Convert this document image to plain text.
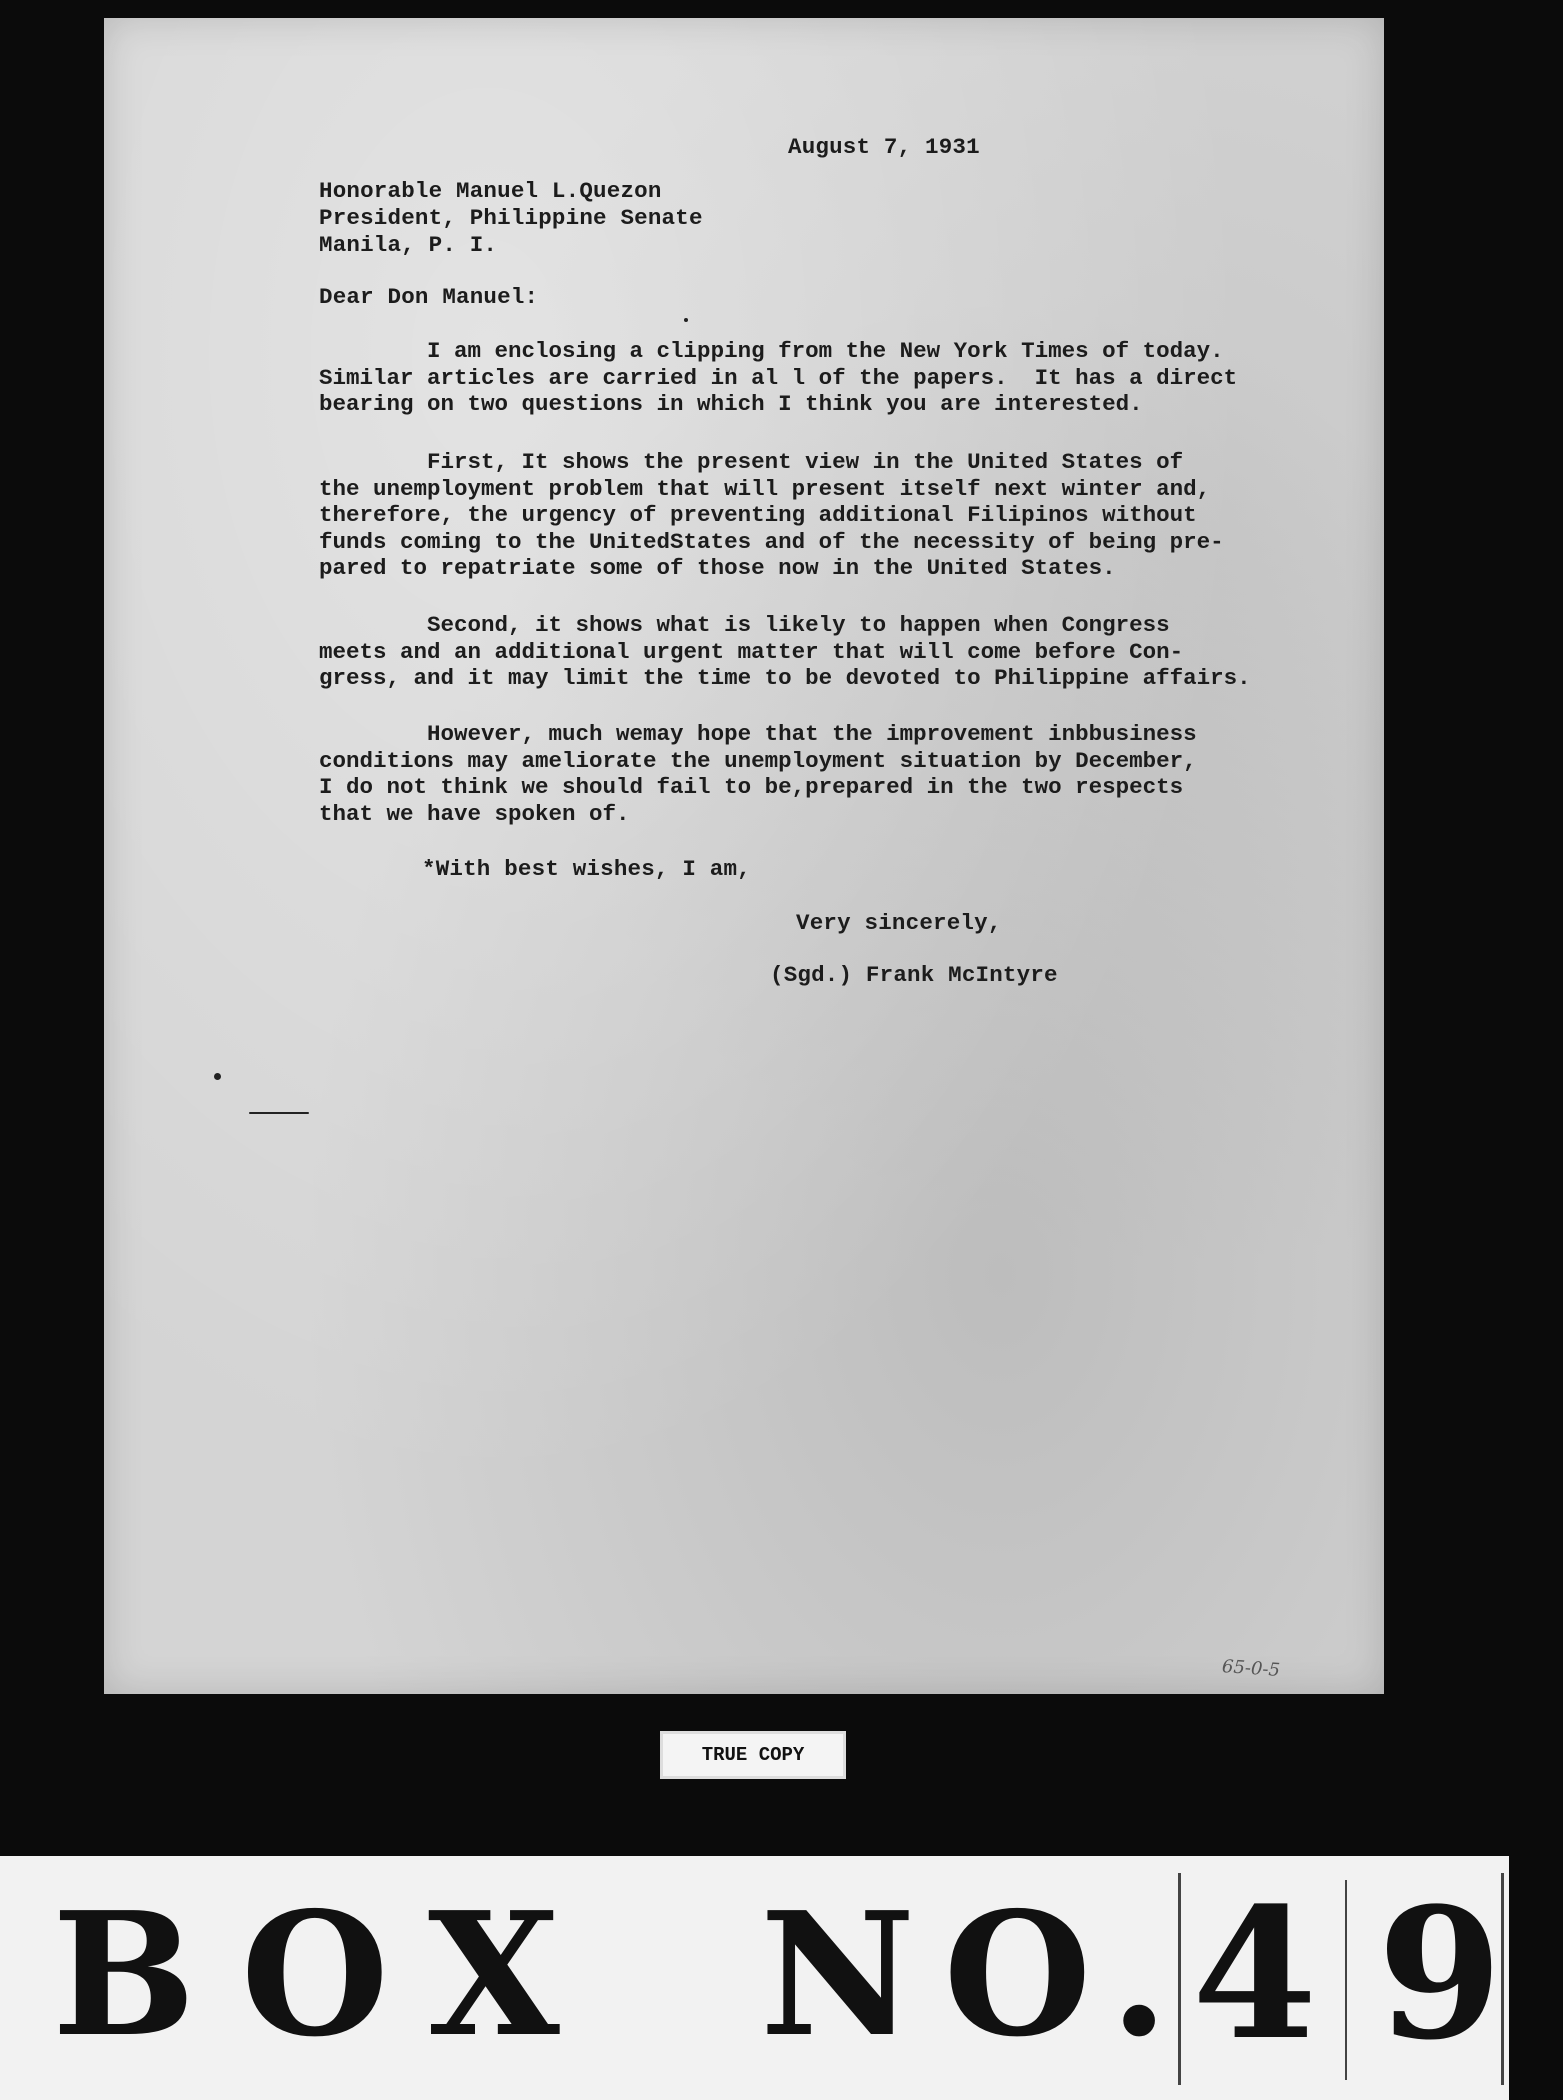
August 7, 1931
Honorable Manuel L.Quezon
President, Philippine Senate
Manila, P. I.
Dear Don Manuel:
I am enclosing a clipping from the New York Times of today.
Similar articles are carried in al l of the papers.  It has a direct
bearing on two questions in which I think you are interested.
First, It shows the present view in the United States of
the unemployment problem that will present itself next winter and,
therefore, the urgency of preventing additional Filipinos without
funds coming to the UnitedStates and of the necessity of being pre-
pared to repatriate some of those now in the United States.
Second, it shows what is likely to happen when Congress
meets and an additional urgent matter that will come before Con-
gress, and it may limit the time to be devoted to Philippine affairs.
However, much wemay hope that the improvement inbbusiness
conditions may ameliorate the unemployment situation by December,
I do not think we should fail to be,prepared in the two respects
that we have spoken of.
*With best wishes, I am,
Very sincerely,
(Sgd.) Frank McIntyre
65-0-5
TRUE COPY
BOX NO.
49
